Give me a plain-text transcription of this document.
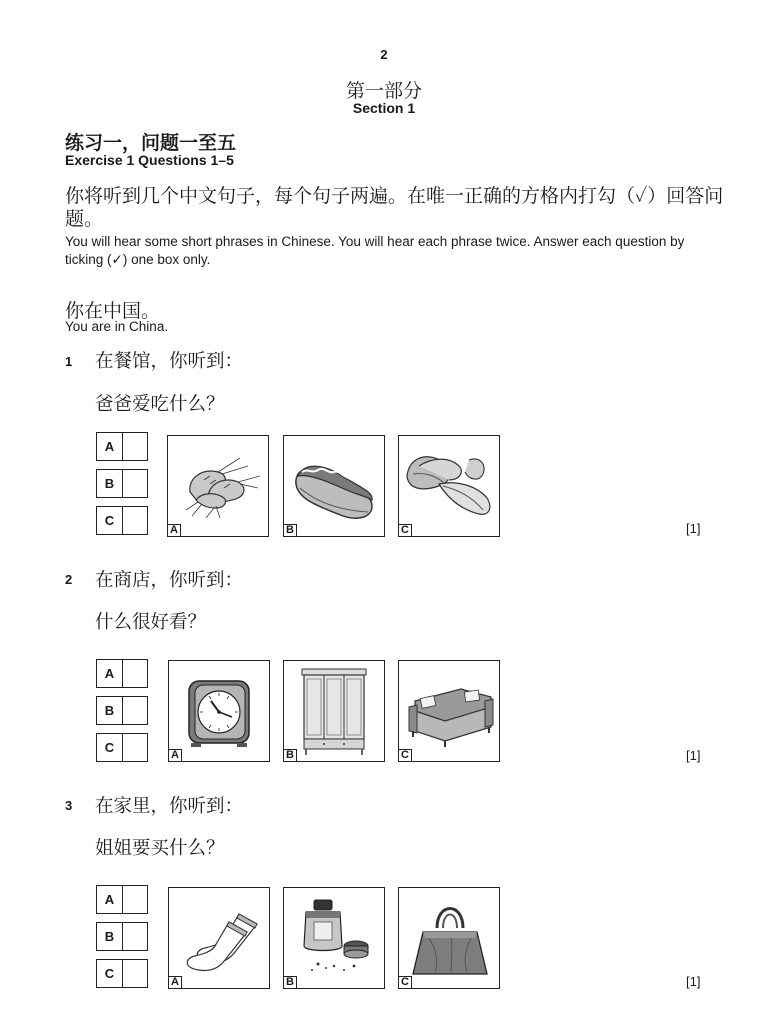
2
第一部分
Section 1
练习一，问题一至五
Exercise 1 Questions 1–5
你将听到几个中文句子，每个句子两遍。在唯一正确的方格内打勾（✓）回答问题。
You will hear some short phrases in Chinese. You will hear each phrase twice. Answer each question by ticking (✓) one box only.
你在中国。
You are in China.
1 在餐馆，你听到：
爸爸爱吃什么？
A
B
C
A	B	C	[1]
2 在商店，你听到：
什么很好看？
A
B
C	A	B	C	[1]
3 在家里，你听到：
姐姐要买什么？
A
B
C
A	B	C	[1]
